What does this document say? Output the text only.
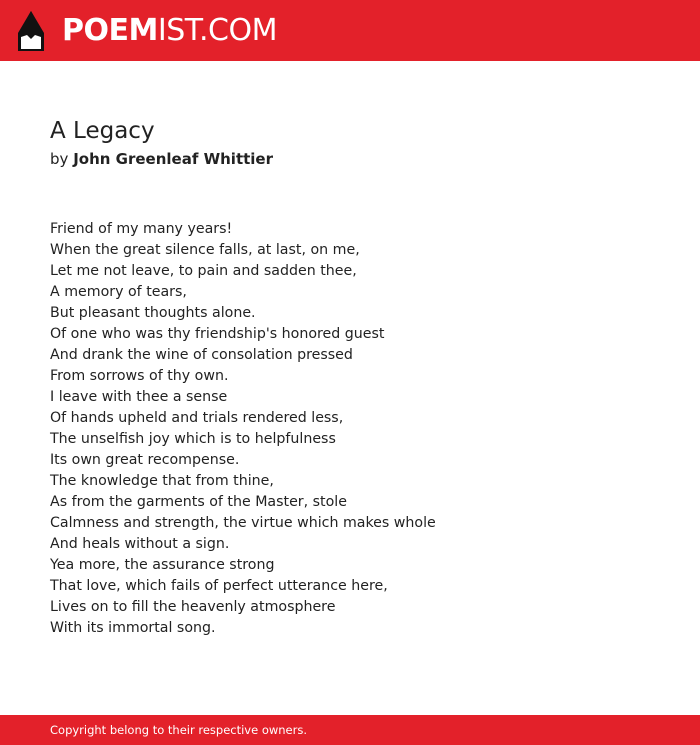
POEMIST.COM
A Legacy
by John Greenleaf Whittier
Friend of my many years!
When the great silence falls, at last, on me,
Let me not leave, to pain and sadden thee,
A memory of tears,
But pleasant thoughts alone.
Of one who was thy friendship's honored guest
And drank the wine of consolation pressed
From sorrows of thy own.
I leave with thee a sense
Of hands upheld and trials rendered less,
The unselfish joy which is to helpfulness
Its own great recompense.
The knowledge that from thine,
As from the garments of the Master, stole
Calmness and strength, the virtue which makes whole
And heals without a sign.
Yea more, the assurance strong
That love, which fails of perfect utterance here,
Lives on to fill the heavenly atmosphere
With its immortal song.
Copyright belong to their respective owners.
